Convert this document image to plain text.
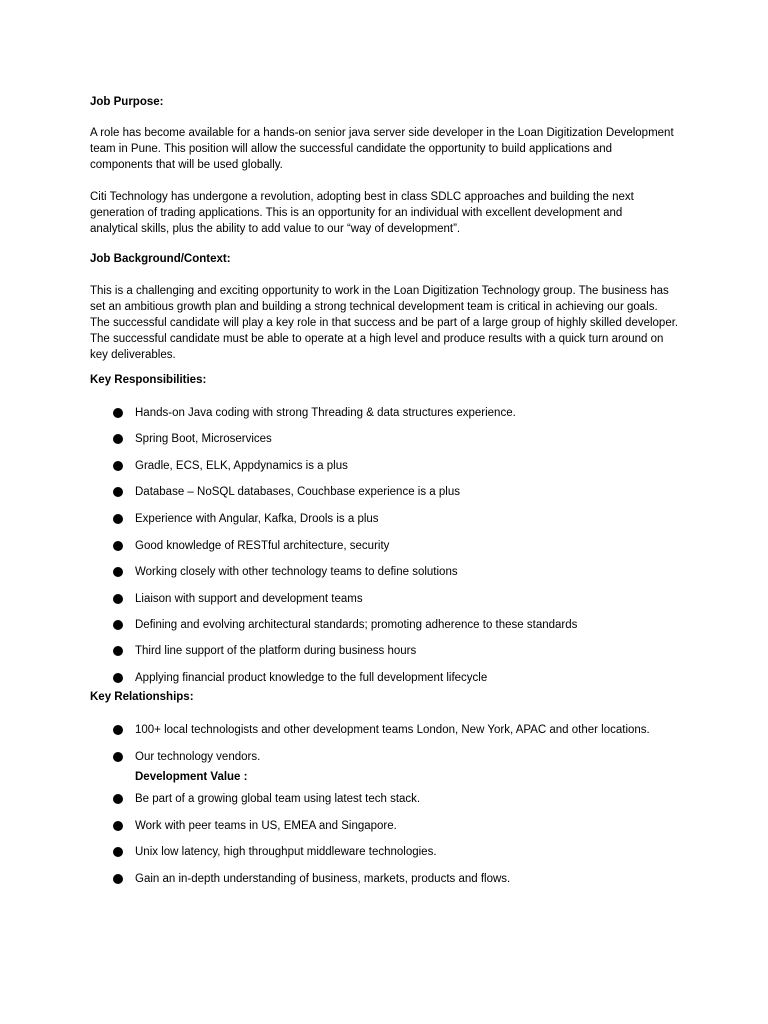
Job Purpose:
A role has become available for a hands-on senior java server side developer in the Loan Digitization Development
team in Pune. This position will allow the successful candidate the opportunity to build applications and
components that will be used globally.
Citi Technology has undergone a revolution, adopting best in class SDLC approaches and building the next
generation of trading applications. This is an opportunity for an individual with excellent development and
analytical skills, plus the ability to add value to our “way of development”.
Job Background/Context:
This is a challenging and exciting opportunity to work in the Loan Digitization Technology group. The business has
set an ambitious growth plan and building a strong technical development team is critical in achieving our goals.
The successful candidate will play a key role in that success and be part of a large group of highly skilled developer.
The successful candidate must be able to operate at a high level and produce results with a quick turn around on
key deliverables.
Key Responsibilities:
Hands-on Java coding with strong Threading & data structures experience.
Spring Boot, Microservices
Gradle, ECS, ELK, Appdynamics is a plus
Database – NoSQL databases, Couchbase experience is a plus
Experience with Angular, Kafka, Drools is a plus
Good knowledge of RESTful architecture, security
Working closely with other technology teams to define solutions
Liaison with support and development teams
Defining and evolving architectural standards; promoting adherence to these standards
Third line support of the platform during business hours
Applying financial product knowledge to the full development lifecycle
Key Relationships:
100+ local technologists and other development teams London, New York, APAC and other locations.
Our technology vendors.
Development Value :
Be part of a growing global team using latest tech stack.
Work with peer teams in US, EMEA and Singapore.
Unix low latency, high throughput middleware technologies.
Gain an in-depth understanding of business, markets, products and flows.
